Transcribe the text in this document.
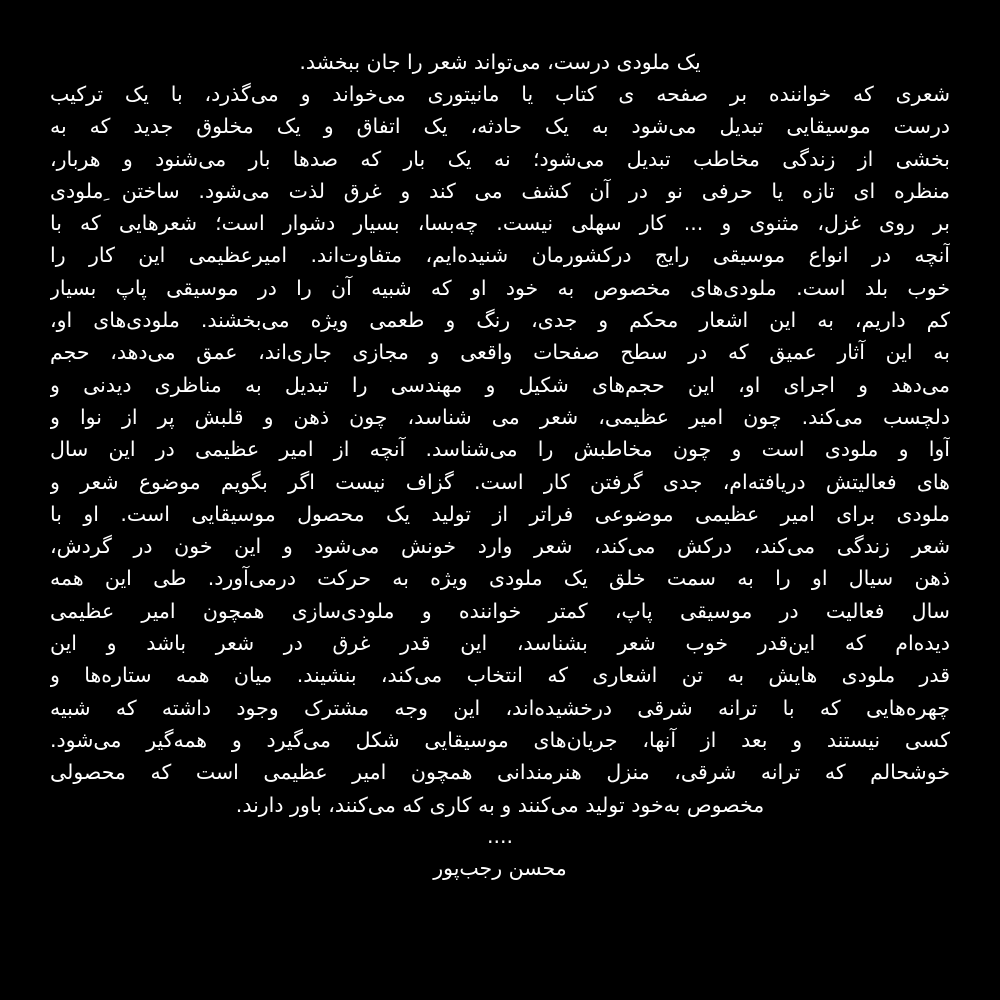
یک ملودی درست، می‌تواند شعر را جان ببخشد.

شعری که خواننده بر صفحه ی کتاب یا مانیتوری می‌خواند و می‌گذرد، با یک ترکیب
درست موسیقایی تبدیل می‌شود به یک حادثه، یک اتفاق و یک مخلوق جدید که به
بخشی از زندگی مخاطب تبدیل می‌شود؛ نه یک بار که صدها بار می‌شنود و هربار،
منظره ای تازه یا حرفی نو در آن کشف می کند و غرق لذت می‌شود. ساختن ِملودی
بر روی غزل، مثنوی و ... کار سهلی نیست. چه‌بسا، بسیار دشوار است؛ شعرهایی که با
آنچه در انواع موسیقی رایج درکشورمان شنیده‌ایم، متفاوت‌اند. امیرعظیمی این کار را
خوب بلد است. ملودی‌های مخصوص به خود او که شبیه آن را در موسیقی پاپ بسیار
کم داریم، به این اشعار محکم و جدی، رنگ و طعمی ویژه می‌بخشند. ملودی‌های او،
به این آثار عمیق که در سطح صفحات واقعی و مجازی جاری‌اند، عمق می‌دهد، حجم
می‌دهد و اجرای او، این حجم‌های شکیل و مهندسی را تبدیل به مناظری دیدنی و
دلچسب می‌کند. چون امیر عظیمی، شعر می شناسد، چون ذهن و قلبش پر از نوا و
آوا و ملودی است و چون مخاطبش را می‌شناسد. آنچه از امیر عظیمی در این سال
های فعالیتش دریافته‌ام، جدی گرفتن کار است. گزاف نیست اگر بگویم موضوع شعر و
ملودی برای امیر عظیمی موضوعی فراتر از تولید یک محصول موسیقایی است. او با
شعر زندگی می‌کند، درکش می‌کند، شعر وارد خونش می‌شود و این خون در گردش،
ذهن سیال او را به سمت خلق یک ملودی ویژه به حرکت درمی‌آورد. طی این همه
سال فعالیت در موسیقی پاپ، کمتر خواننده و ملودی‌سازی همچون امیر عظیمی
دیده‌ام که این‌قدر خوب شعر بشناسد، این قدر غرق در شعر باشد و این
قدر ملودی هایش به تن اشعاری که انتخاب می‌کند، بنشیند. میان همه ستاره‌ها و
چهره‌هایی که با ترانه شرقی درخشیده‌اند، این وجه مشترک وجود داشته که شبیه
کسی نیستند و بعد از آنها، جریان‌های موسیقایی شکل می‌گیرد و همه‌گیر می‌شود.
خوشحالم که ترانه شرقی، منزل هنرمندانی همچون امیر عظیمی است که محصولی
مخصوص به‌خود تولید می‌کنند و به کاری که می‌کنند، باور دارند.

....

محسن رجب‌پور
